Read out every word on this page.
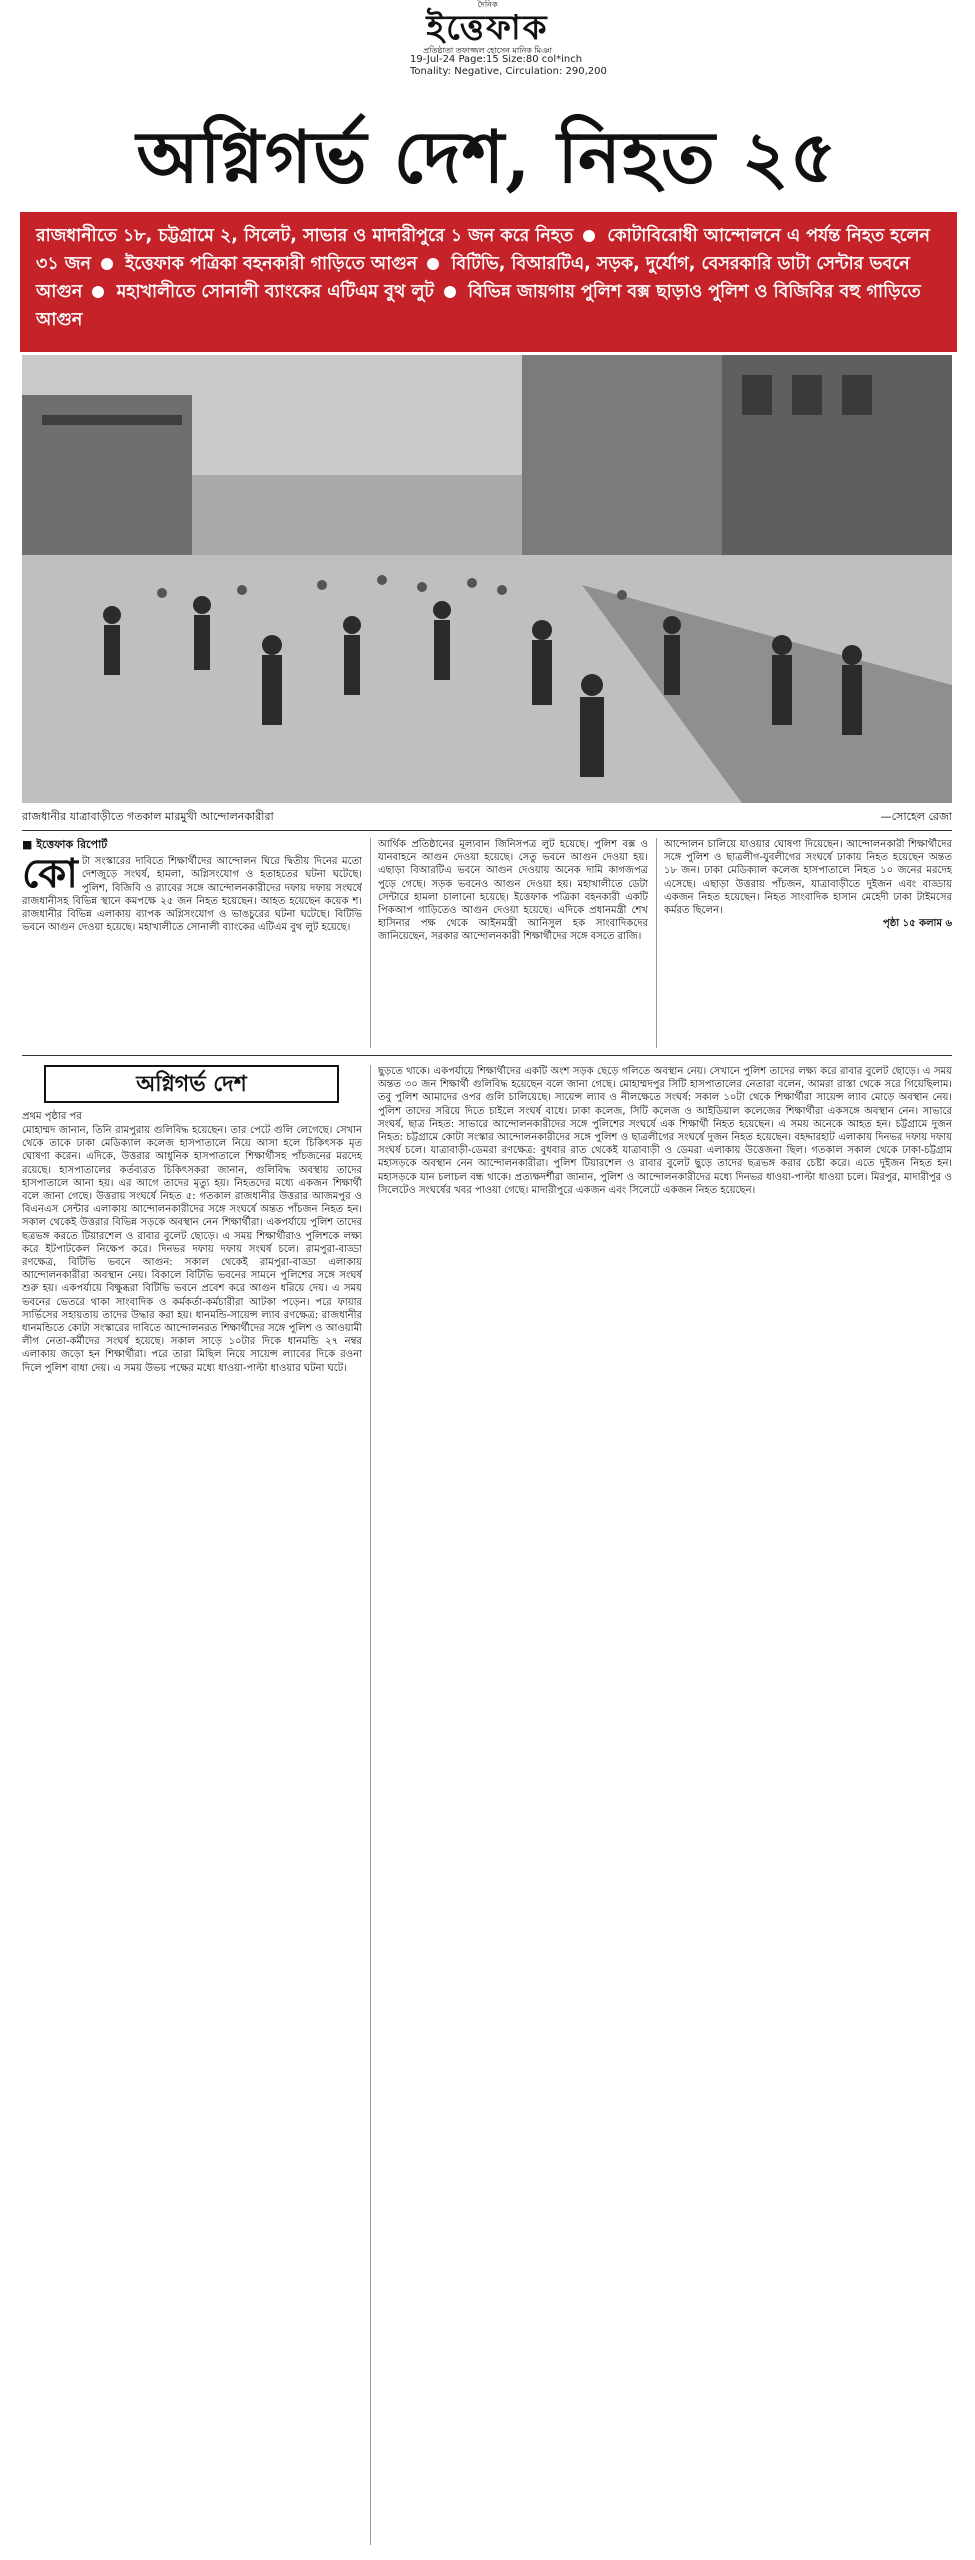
দৈনিক
ইত্তেফাক
প্রতিষ্ঠাতা তফাজ্জল হোসেন মানিক মিঞা
19-Jul-24 Page:15 Size:80 col*inch
Tonality: Negative, Circulation: 290,200
অগ্নিগর্ভ দেশ, নিহত ২৫
রাজধানীতে ১৮, চট্টগ্রামে ২, সিলেট, সাভার ও মাদারীপুরে ১ জন করে নিহত কোটাবিরোধী আন্দোলনে এ পর্যন্ত নিহত হলেন ৩১ জন ইত্তেফাক পত্রিকা বহনকারী গাড়িতে আগুন বিটিভি, বিআরটিএ, সড়ক, দুর্যোগ, বেসরকারি ডাটা সেন্টার ভবনে আগুন মহাখালীতে সোনালী ব্যাংকের এটিএম বুথ লুট বিভিন্ন জায়গায় পুলিশ বক্স ছাড়াও পুলিশ ও বিজিবির বহু গাড়িতে আগুন
রাজধানীর যাত্রাবাড়ীতে গতকাল মারমুখী আন্দোলনকারীরা	—সোহেল রেজা
■ ইত্তেফাক রিপোর্ট
কো টা সংস্কারের দাবিতে শিক্ষার্থীদের আন্দোলন ঘিরে দ্বিতীয় দিনের মতো দেশজুড়ে সংঘর্ষ, হামলা, অগ্নিসংযোগ ও হতাহতের ঘটনা ঘটেছে। পুলিশ, বিজিবি ও র‍্যাবের সঙ্গে আন্দোলনকারীদের দফায় দফায় সংঘর্ষে রাজধানীসহ বিভিন্ন স্থানে কমপক্ষে ২৫ জন নিহত হয়েছেন। আহত হয়েছেন কয়েক শ। রাজধানীর বিভিন্ন এলাকায় ব্যাপক অগ্নিসংযোগ ও ভাঙচুরের ঘটনা ঘটেছে। বিটিভি ভবনে আগুন দেওয়া হয়েছে। মহাখালীতে সোনালী ব্যাংকের এটিএম বুথ লুট হয়েছে।
আর্থিক প্রতিষ্ঠানের মূল্যবান জিনিসপত্র লুট হয়েছে। পুলিশ বক্স ও যানবাহনে আগুন দেওয়া হয়েছে। সেতু ভবনে আগুন দেওয়া হয়। এছাড়া বিআরটিএ ভবনে আগুন দেওয়ায় অনেক দামি কাগজপত্র পুড়ে গেছে। সড়ক ভবনেও আগুন দেওয়া হয়। মহাখালীতে ডেটা সেন্টারে হামলা চালানো হয়েছে। ইত্তেফাক পত্রিকা বহনকারী একটি পিকআপ গাড়িতেও আগুন দেওয়া হয়েছে। এদিকে প্রধানমন্ত্রী শেখ হাসিনার পক্ষ থেকে আইনমন্ত্রী আনিসুল হক সাংবাদিকদের জানিয়েছেন, সরকার আন্দোলনকারী শিক্ষার্থীদের সঙ্গে বসতে রাজি।
আন্দোলন চালিয়ে যাওয়ার ঘোষণা দিয়েছেন। আন্দোলনকারী শিক্ষার্থীদের সঙ্গে পুলিশ ও ছাত্রলীগ-যুবলীগের সংঘর্ষে ঢাকায় নিহত হয়েছেন অন্তত ১৮ জন। ঢাকা মেডিক্যাল কলেজ হাসপাতালে নিহত ১০ জনের মরদেহ এসেছে। এছাড়া উত্তরায় পাঁচজন, যাত্রাবাড়ীতে দুইজন এবং বাড্ডায় একজন নিহত হয়েছেন। নিহত সাংবাদিক হাসান মেহেদী ঢাকা টাইমসের কর্মরত ছিলেন।
পৃষ্ঠা ১৫ কলাম ৬
অগ্নিগর্ভ দেশ
প্রথম পৃষ্ঠার পর
মোহাম্মদ জানান, তিনি রামপুরায় গুলিবিদ্ধ হয়েছেন। তার পেটে গুলি লেগেছে। সেখান থেকে তাকে ঢাকা মেডিক্যাল কলেজ হাসপাতালে নিয়ে আসা হলে চিকিৎসক মৃত ঘোষণা করেন। এদিকে, উত্তরার আধুনিক হাসপাতালে শিক্ষার্থীসহ পাঁচজনের মরদেহ রয়েছে। হাসপাতালের কর্তব্যরত চিকিৎসকরা জানান, গুলিবিদ্ধ অবস্থায় তাদের হাসপাতালে আনা হয়। এর আগে তাদের মৃত্যু হয়। নিহতদের মধ্যে একজন শিক্ষার্থী বলে জানা গেছে। উত্তরায় সংঘর্ষে নিহত ৫: গতকাল রাজধানীর উত্তরার আজমপুর ও বিএনএস সেন্টার এলাকায় আন্দোলনকারীদের সঙ্গে সংঘর্ষে অন্তত পাঁচজন নিহত হন। সকাল থেকেই উত্তরার বিভিন্ন সড়কে অবস্থান নেন শিক্ষার্থীরা। একপর্যায়ে পুলিশ তাদের ছত্রভঙ্গ করতে টিয়ারশেল ও রাবার বুলেট ছোড়ে। এ সময় শিক্ষার্থীরাও পুলিশকে লক্ষ্য করে ইটপাটকেল নিক্ষেপ করে। দিনভর দফায় দফায় সংঘর্ষ চলে। রামপুরা-বাড্ডা রণক্ষেত্র, বিটিভি ভবনে আগুন: সকাল থেকেই রামপুরা-বাড্ডা এলাকায় আন্দোলনকারীরা অবস্থান নেয়। বিকালে বিটিভি ভবনের সামনে পুলিশের সঙ্গে সংঘর্ষ শুরু হয়। একপর্যায়ে বিক্ষুব্ধরা বিটিভি ভবনে প্রবেশ করে আগুন ধরিয়ে দেয়। এ সময় ভবনের ভেতরে থাকা সাংবাদিক ও কর্মকর্তা-কর্মচারীরা আটকা পড়েন। পরে ফায়ার সার্ভিসের সহায়তায় তাদের উদ্ধার করা হয়। ধানমন্ডি-সায়েন্স ল্যাব রণক্ষেত্র: রাজধানীর ধানমন্ডিতে কোটা সংস্কারের দাবিতে আন্দোলনরত শিক্ষার্থীদের সঙ্গে পুলিশ ও আওয়ামী লীগ নেতা-কর্মীদের সংঘর্ষ হয়েছে। সকাল সাড়ে ১০টার দিকে ধানমন্ডি ২৭ নম্বর এলাকায় জড়ো হন শিক্ষার্থীরা। পরে তারা মিছিল নিয়ে সায়েন্স ল্যাবের দিকে রওনা দিলে পুলিশ বাধা দেয়। এ সময় উভয় পক্ষের মধ্যে ধাওয়া-পাল্টা ধাওয়ার ঘটনা ঘটে।
ছুড়তে থাকে। একপর্যায়ে শিক্ষার্থীদের একটি অংশ সড়ক ছেড়ে গলিতে অবস্থান নেয়। সেখানে পুলিশ তাদের লক্ষ্য করে রাবার বুলেট ছোড়ে। এ সময় অন্তত ৩০ জন শিক্ষার্থী গুলিবিদ্ধ হয়েছেন বলে জানা গেছে। মোহাম্মদপুর সিটি হাসপাতালের নেতারা বলেন, আমরা রাস্তা থেকে সরে গিয়েছিলাম। তবু পুলিশ আমাদের ওপর গুলি চালিয়েছে। সায়েন্স ল্যাব ও নীলক্ষেতে সংঘর্ষ: সকাল ১০টা থেকে শিক্ষার্থীরা সায়েন্স ল্যাব মোড়ে অবস্থান নেয়। পুলিশ তাদের সরিয়ে দিতে চাইলে সংঘর্ষ বাধে। ঢাকা কলেজ, সিটি কলেজ ও আইডিয়াল কলেজের শিক্ষার্থীরা একসঙ্গে অবস্থান নেন। সাভারে সংঘর্ষ, ছাত্র নিহত: সাভারে আন্দোলনকারীদের সঙ্গে পুলিশের সংঘর্ষে এক শিক্ষার্থী নিহত হয়েছেন। এ সময় অনেকে আহত হন। চট্টগ্রামে দুজন নিহত: চট্টগ্রামে কোটা সংস্কার আন্দোলনকারীদের সঙ্গে পুলিশ ও ছাত্রলীগের সংঘর্ষে দুজন নিহত হয়েছেন। বহদ্দারহাট এলাকায় দিনভর দফায় দফায় সংঘর্ষ চলে। যাত্রাবাড়ী-ডেমরা রণক্ষেত্র: বুধবার রাত থেকেই যাত্রাবাড়ী ও ডেমরা এলাকায় উত্তেজনা ছিল। গতকাল সকাল থেকে ঢাকা-চট্টগ্রাম মহাসড়কে অবস্থান নেন আন্দোলনকারীরা। পুলিশ টিয়ারশেল ও রাবার বুলেট ছুড়ে তাদের ছত্রভঙ্গ করার চেষ্টা করে। এতে দুইজন নিহত হন। মহাসড়কে যান চলাচল বন্ধ থাকে। প্রত্যক্ষদর্শীরা জানান, পুলিশ ও আন্দোলনকারীদের মধ্যে দিনভর ধাওয়া-পাল্টা ধাওয়া চলে। মিরপুর, মাদারীপুর ও সিলেটেও সংঘর্ষের খবর পাওয়া গেছে। মাদারীপুরে একজন এবং সিলেটে একজন নিহত হয়েছেন।
